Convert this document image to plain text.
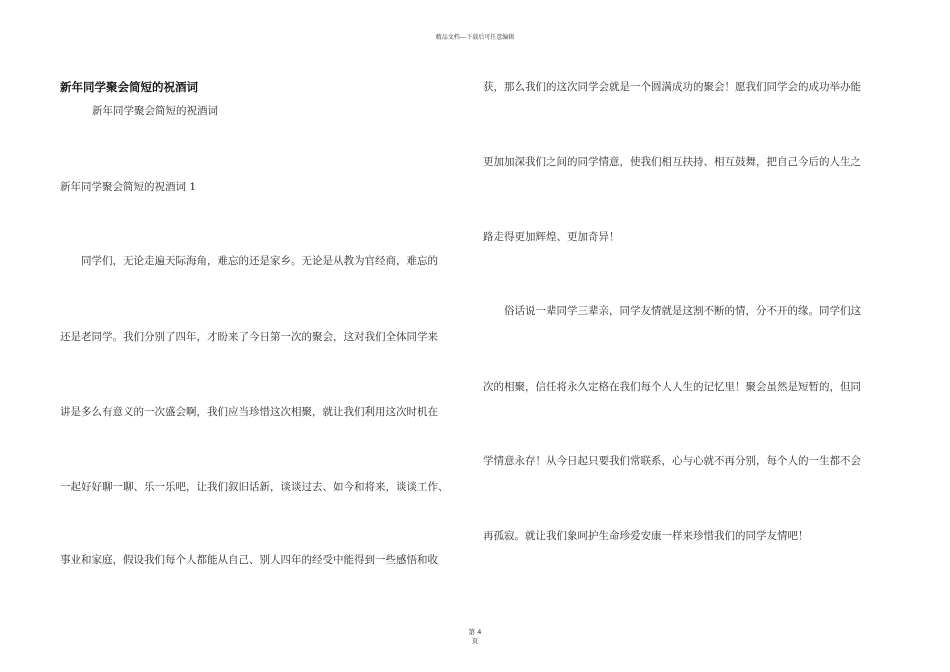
精品文档---下载后可任意编辑
新年同学聚会简短的祝酒词
新年同学聚会简短的祝酒词
新年同学聚会简短的祝酒词 1
同学们，无论走遍天际海角，难忘的还是家乡。无论是从教为官经商，难忘的
还是老同学。我们分别了四年，才盼来了今日第一次的聚会，这对我们全体同学来
讲是多么有意义的一次盛会啊，我们应当珍惜这次相聚，就让我们利用这次时机在
一起好好聊一聊、乐一乐吧，让我们叙旧话新，谈谈过去、如今和将来，谈谈工作、
事业和家庭，假设我们每个人都能从自己、别人四年的经受中能得到一些感悟和收
获，那么我们的这次同学会就是一个圆满成功的聚会！愿我们同学会的成功举办能
更加加深我们之间的同学情意，使我们相互扶持、相互鼓舞，把自己今后的人生之
路走得更加辉煌、更加奇异！
俗话说一辈同学三辈亲，同学友情就是这割不断的情，分不开的缘。同学们这
次的相聚，信任将永久定格在我们每个人人生的记忆里！聚会虽然是短暂的，但同
学情意永存！从今日起只要我们常联系，心与心就不再分别，每个人的一生都不会
再孤寂。就让我们象呵护生命珍爱安康一样来珍惜我们的同学友情吧！
第 4
页
